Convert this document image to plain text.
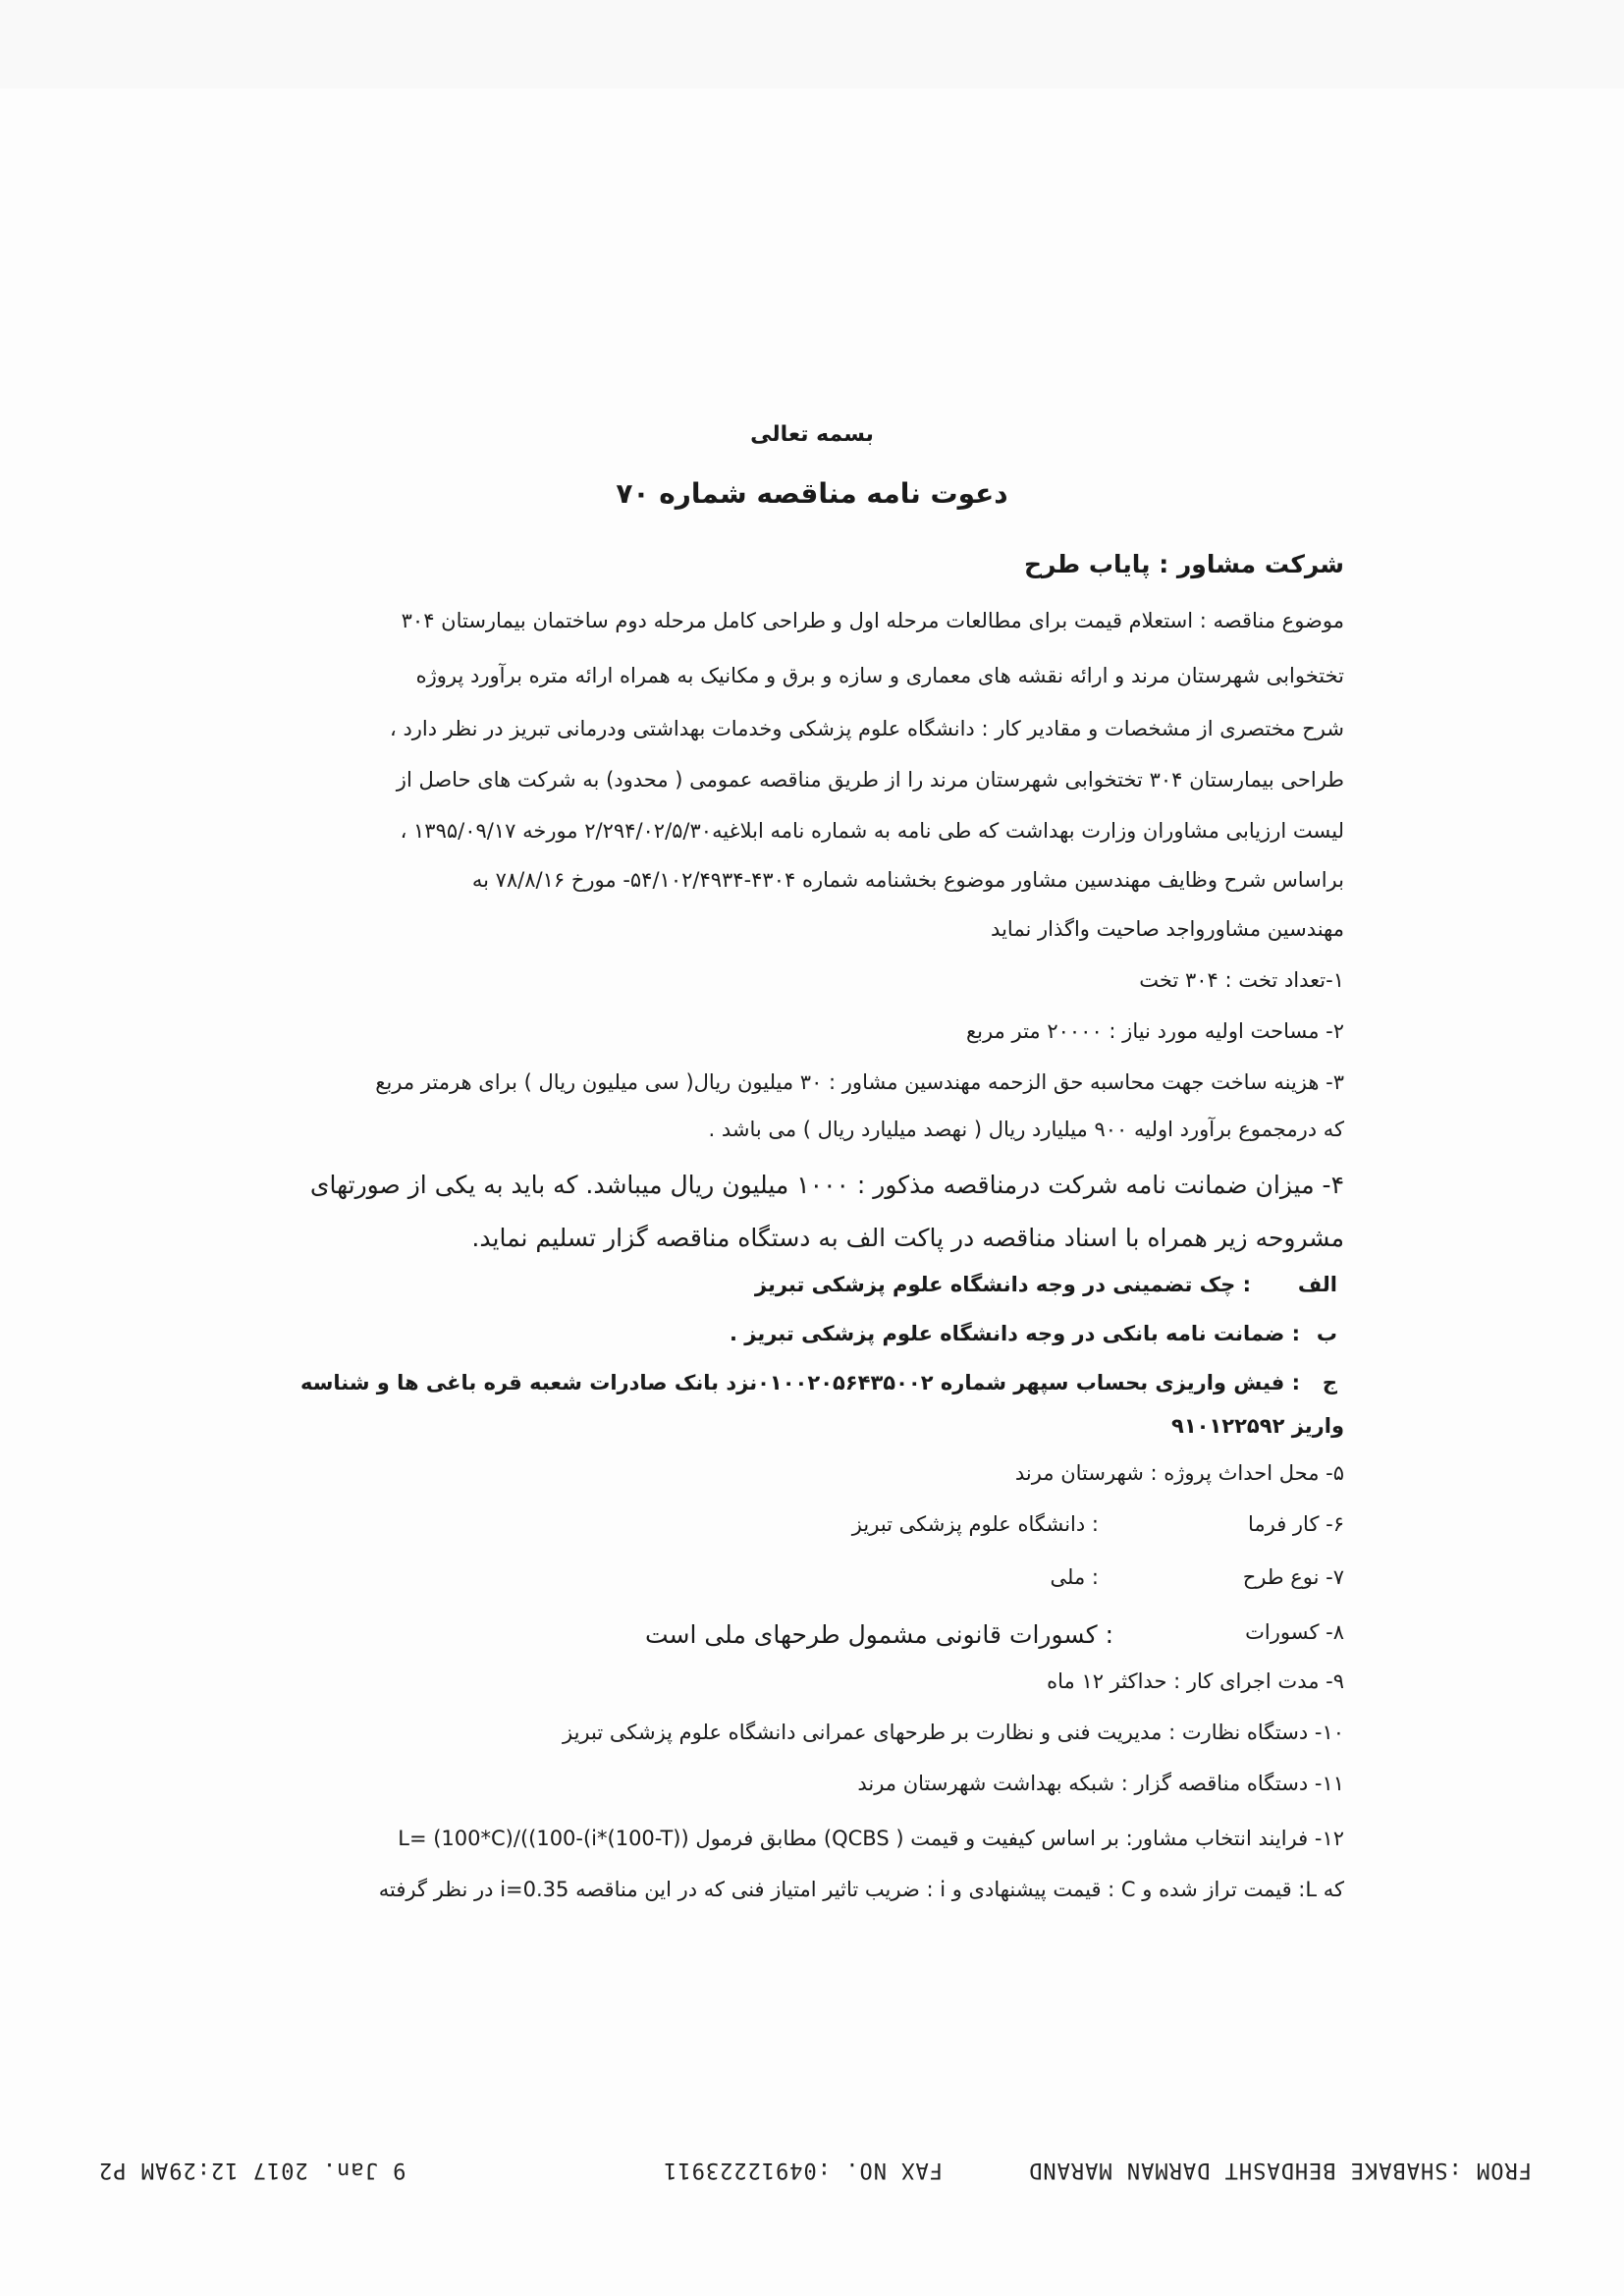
بسمه تعالی
دعوت نامه مناقصه شماره ۷۰
شرکت مشاور : پایاب طرح
موضوع مناقصه : استعلام قیمت برای مطالعات مرحله اول و طراحی کامل مرحله دوم ساختمان بیمارستان ۳۰۴
تختخوابی شهرستان مرند و ارائه نقشه های معماری و سازه و برق و مکانیک به همراه ارائه متره برآورد پروژه
شرح مختصری از مشخصات و مقادیر کار : دانشگاه علوم پزشکی وخدمات بهداشتی ودرمانی تبریز در نظر دارد ،
طراحی بیمارستان ۳۰۴ تختخوابی شهرستان مرند را از طریق مناقصه عمومی ( محدود) به شرکت های حاصل از
لیست ارزیابی مشاوران وزارت بهداشت که طی نامه به شماره نامه ابلاغیه۲/۲۹۴/۰۲/۵/۳۰ مورخه ۱۳۹۵/۰۹/۱۷ ،
براساس شرح وظایف مهندسین مشاور موضوع بخشنامه شماره ۴۳۰۴-۵۴/۱۰۲/۴۹۳۴- مورخ ۷۸/۸/۱۶ به
مهندسین مشاورواجد صاحیت واگذار نماید
۱-تعداد تخت : ۳۰۴ تخت
۲- مساحت اولیه مورد نیاز : ۲۰۰۰۰ متر مربع
۳- هزینه ساخت جهت محاسبه حق الزحمه مهندسین مشاور : ۳۰ میلیون ریال( سی میلیون ریال ) برای هرمتر مربع
که درمجموع برآورد اولیه ۹۰۰ میلیارد ریال ( نهصد میلیارد ریال ) می باشد .
۴- میزان ضمانت نامه شرکت درمناقصه مذکور : ۱۰۰۰ میلیون ریال میباشد. که باید به یکی از صورتهای
مشروحه زیر همراه با اسناد مناقصه در پاکت الف به دستگاه مناقصه گزار تسلیم نماید.
الف
: چک تضمینی در وجه دانشگاه علوم پزشکی تبریز
ب
: ضمانت نامه بانکی در وجه دانشگاه علوم پزشکی تبریز .
ج
: فیش واریزی بحساب سپهر شماره ۰۱۰۰۲۰۵۶۴۳۵۰۰۲نزد بانک صادرات شعبه قره باغی ها و شناسه
واریز ۹۱۰۱۲۲۵۹۲
۵- محل احداث پروژه : شهرستان مرند
۶- کار فرما
: دانشگاه علوم پزشکی تبریز
۷- نوع طرح
: ملی
۸- کسورات
: کسورات قانونی مشمول طرحهای ملی است
۹- مدت اجرای کار : حداکثر ۱۲ ماه
۱۰- دستگاه نظارت : مدیریت فنی و نظارت بر طرحهای عمرانی دانشگاه علوم پزشکی تبریز
۱۱- دستگاه مناقصه گزار : شبکه بهداشت شهرستان مرند
۱۲- فرایند انتخاب مشاور: بر اساس کیفیت و قیمت ( QCBS) مطابق فرمول ((L= (100*C)/((100-(i*(100-T
که L: قیمت تراز شده و C : قیمت پیشنهادی و i : ضریب تاثیر امتیاز فنی که در این مناقصه i=0.35 در نظر گرفته
FROM :SHABAKE BEHDASHT DARMAN MARAND
FAX NO. :04912223911
9 Jan. 2017 12:29AM P2
